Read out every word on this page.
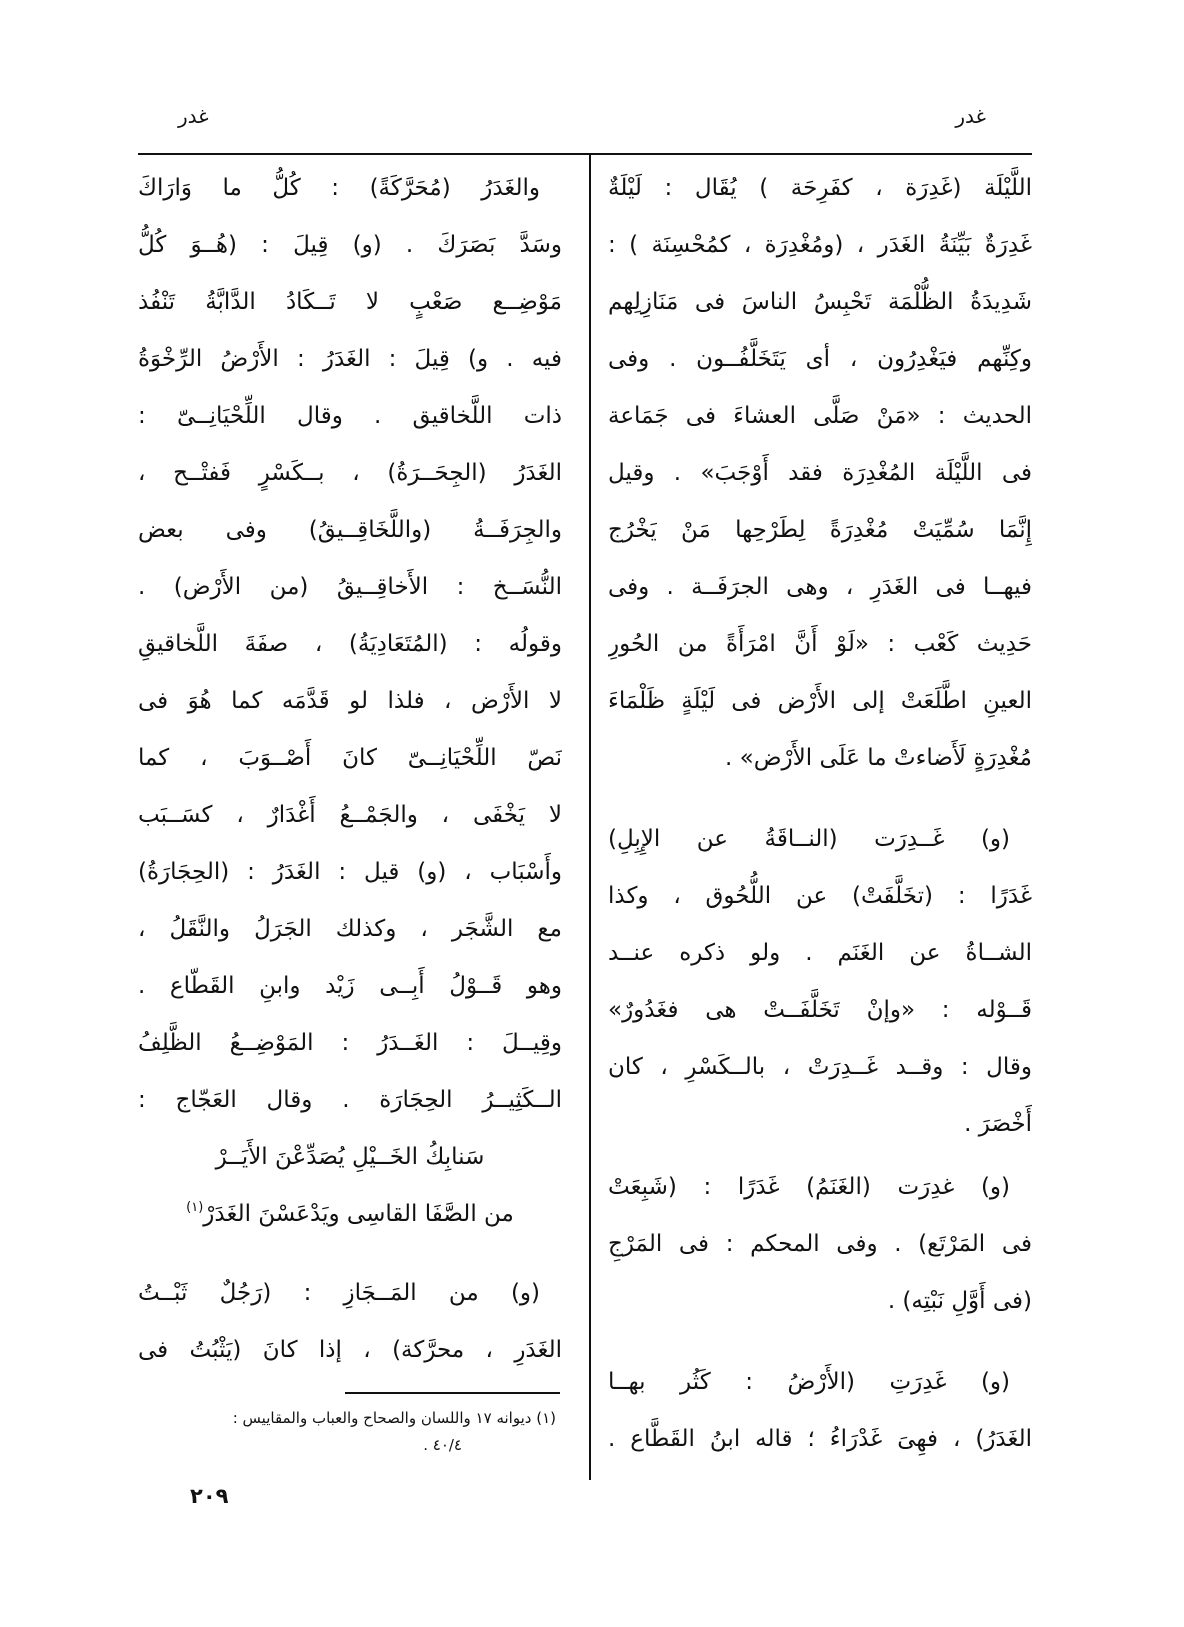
غدر
غدر
اللَّيْلَة (غَدِرَة ، كفَرِحَة ) يُقَال : لَيْلَةٌ
غَدِرَةٌ بَيِّنَةُ الغَدَر ، (ومُغْدِرَة ، كمُحْسِنَة ) :
شَدِيدَةُ الظُّلْمَة تَحْبِسُ الناسَ فى مَنَازِلِهم
وكِنِّهم فيَغْدِرُون ، أى يَتَخَلَّفُــون . وفى
الحديث : «مَنْ صَلَّى العشاءَ فى جَمَاعة
فى اللَّيْلَة المُغْدِرَة فقد أَوْجَبَ» . وقيل
إِنَّمَا سُمِّيَتْ مُغْدِرَةً لِطَرْحِها مَنْ يَخْرُج
فيهــا فى الغَدَرِ ، وهى الجرَفَــة . وفى
حَدِيث كَعْب : «لَوْ أَنَّ امْرَأَةً من الحُورِ
العينِ اطَّلَعَتْ إلى الأَرْض فى لَيْلَةٍ ظَلْمَاءَ
مُغْدِرَةٍ لَأَضاءتْ ما عَلَى الأَرْض» .
(و) غَــدِرَت (النــاقَةُ عن الإِبِلِ)
غَدَرًا : (تخَلَّفَتْ) عن اللُّحُوق ، وكذا
الشــاةُ عن الغَنَم . ولو ذكره عنــد
قَــوْله : «وإنْ تَخَلَّفَــتْ هى فغَدُورٌ»
وقال : وقــد غَــدِرَتْ ، بالــكَسْرِ ، كان
أَخْصَرَ .
(و) غدِرَت (الغَنَمُ) غَدَرًا : (شَبِعَتْ
فى المَرْتَع) . وفى المحكم : فى المَرْجِ
(فى أَوَّلِ نَبْتِه) .
(و) غَدِرَتِ (الأَرْضُ : كَثُر بهــا
الغَدَرُ) ، فهِىَ غَدْرَاءُ ؛ قاله ابنُ القَطَّاع .
والغَدَرُ (مُحَرَّكَةً) : كُلُّ ما وَارَاكَ
وسَدَّ بَصَرَكَ . (و) قِيلَ : (هُــوَ كُلُّ
مَوْضِــع صَعْبٍ لا تَــكَادُ الدَّابَّةُ تَنْفُذ
فيه . و) قِيلَ : الغَدَرُ : الأَرْضُ الرِّخْوَةُ
ذات اللَّخاقيق . وقال اللِّحْيَانِــىّ :
الغَدَرُ (الجِحَــرَةُ) ، بــكَسْرٍ فَفتْــح ،
والجِرَفَــةُ (واللَّخَاقِــيقُ) وفى بعض
النُّسَــخ : الأَخاقِــيقُ (من الأَرْض) .
وقولُه : (المُتَعَادِيَةُ) ، صفَةَ اللَّخاقيقِ
لا الأَرْض ، فلذا لو قَدَّمَه كما هُوَ فى
نَصّ اللِّحْيَانِــىّ كانَ أَصْــوَبَ ، كما
لا يَخْفَى ، والجَمْــعُ أَغْدَارٌ ، كسَــبَب
وأَسْبَاب ، (و) قيل : الغَدَرُ : (الحِجَارَةُ)
مع الشَّجَر ، وكذلك الجَرَلُ والنَّقَلُ ،
وهو قَــوْلُ أَبِــى زَيْد وابنِ القَطّاع .
وقِيــلَ : الغَــدَرُ : المَوْضِــعُ الظَّلِفُ
الــكَثِيــرُ الحِجَارَة . وقال العَجّاج :
سَنابِكُ الخَــيْلِ يُصَدِّعْنَ الأَيَــرْ
من الصَّفَا القاسِى ويَدْعَسْنَ الغَدَرْ$^{(١)}$
(و) من المَــجَازِ : (رَجُلٌ ثَبْــتُ
الغَدَرِ ، محرَّكة) ، إذا كانَ (يَثْبُتُ فى
(١) ديوانه ١٧ واللسان والصحاح والعباب والمقاييس :
٤٠/٤ .
٢٠٩
